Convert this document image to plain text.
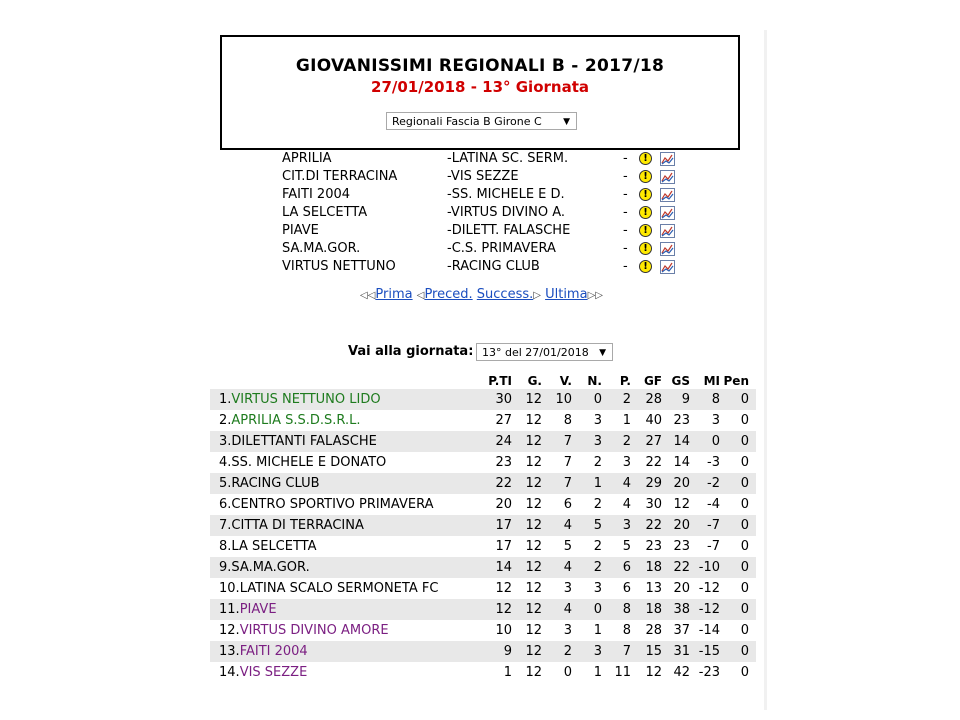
GIOVANISSIMI REGIONALI B - 2017/18
27/01/2018 - 13° Giornata
Regionali Fascia B Girone C ▼
APRILIA	-LATINA SC. SERM.	-	!
CIT.DI TERRACINA	-VIS SEZZE	-	!
FAITI 2004	-SS. MICHELE E D.	-	!
LA SELCETTA	-VIRTUS DIVINO A.	-	!
PIAVE	-DILETT. FALASCHE	-	!
SA.MA.GOR.	-C.S. PRIMAVERA	-	!
VIRTUS NETTUNO	-RACING CLUB	-	!
◁◁Prima ◁Preced. Success.▷ Ultima▷▷
Vai alla giornata: 13° del 27/01/2018 ▼
P.TI G. V. N. P. GF GS MI Pen
1.VIRTUS NETTUNO LIDO	30 12 10 0 2 28 9 8 0
2.APRILIA S.S.D.S.R.L.	27 12 8 3 1 40 23 3 0
3.DILETTANTI FALASCHE	24 12 7 3 2 27 14 0 0
4.SS. MICHELE E DONATO	23 12 7 2 3 22 14 -3 0
5.RACING CLUB	22 12 7 1 4 29 20 -2 0
6.CENTRO SPORTIVO PRIMAVERA	20 12 6 2 4 30 12 -4 0
7.CITTA DI TERRACINA	17 12 4 5 3 22 20 -7 0
8.LA SELCETTA	17 12 5 2 5 23 23 -7 0
9.SA.MA.GOR.	14 12 4 2 6 18 22 -10 0
10.LATINA SCALO SERMONETA FC	12 12 3 3 6 13 20 -12 0
11.PIAVE	12 12 4 0 8 18 38 -12 0
12.VIRTUS DIVINO AMORE	10 12 3 1 8 28 37 -14 0
13.FAITI 2004	9 12 2 3 7 15 31 -15 0
14.VIS SEZZE	1 12 0 1 11 12 42 -23 0
